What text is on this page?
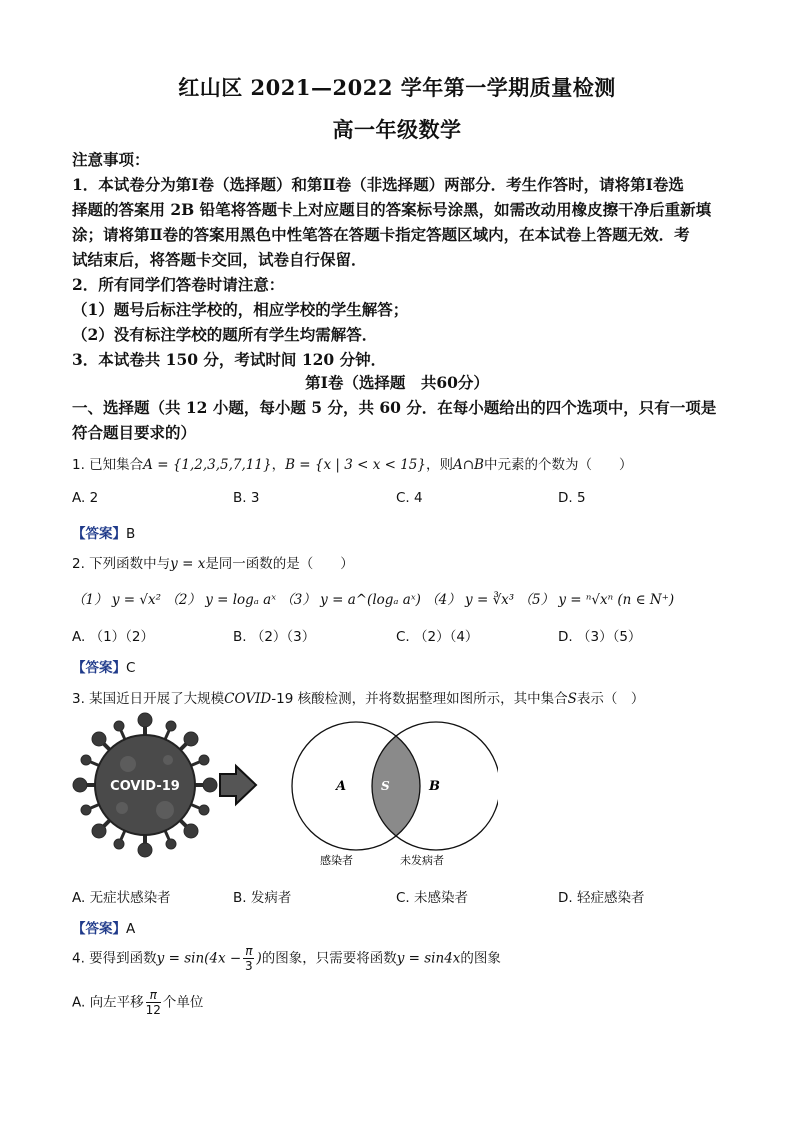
红山区 2021—2022 学年第一学期质量检测
高一年级数学
注意事项：
1．本试卷分为第Ⅰ卷（选择题）和第Ⅱ卷（非选择题）两部分．考生作答时，请将第Ⅰ卷选
择题的答案用 2B 铅笔将答题卡上对应题目的答案标号涂黑，如需改动用橡皮擦干净后重新填
涂；请将第Ⅱ卷的答案用黑色中性笔答在答题卡指定答题区域内，在本试卷上答题无效．考
试结束后，将答题卡交回，试卷自行保留．
2．所有同学们答卷时请注意：
（1）题号后标注学校的，相应学校的学生解答；
（2）没有标注学校的题所有学生均需解答．
3．本试卷共 150 分，考试时间 120 分钟．
第Ⅰ卷（选择题　共60分）
一、选择题（共 12 小题，每小题 5 分，共 60 分．在每小题给出的四个选项中，只有一项是
符合题目要求的）
1. 已知集合A = {1,2,3,5,7,11}，B = {x | 3 < x < 15}，则A∩B中元素的个数为（　　）
A. 2	B. 3	C. 4	D. 5
【答案】B
2. 下列函数中与y = x是同一函数的是（　　）
（1） y = √x² （2） y = logₐ aˣ （3） y = a^(logₐ aˣ) （4） y = ∛x³ （5） y = ⁿ√xⁿ (n ∈ N⁺)
A. （1）（2）	B. （2）（3）	C. （2）（4）	D. （3）（5）
【答案】C
3. 某国近日开展了大规模COVID-19 核酸检测，并将数据整理如图所示，其中集合S表示（　）
COVID-19	A	S	B
感染者	未发病者
A. 无症状感染者	B. 发病者	C. 未感染者	D. 轻症感染者
【答案】A
4. 要得到函数$y = \sin(4x - \frac{\pi}{3}$ )的图象，只需要将函数y = sin4x的图象
A. 向左平移 $\frac{\pi}{12}$ 个单位
